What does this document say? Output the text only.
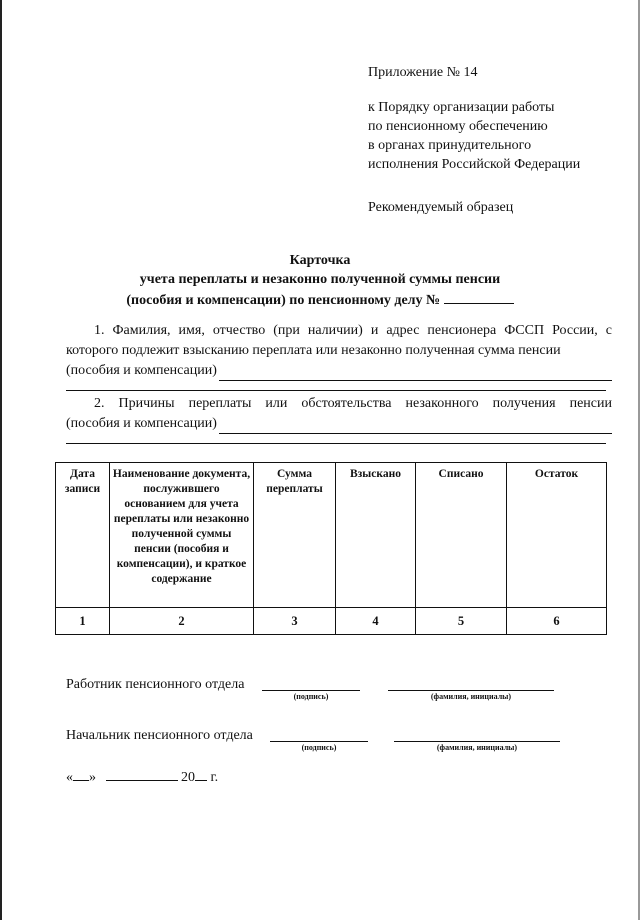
Приложение № 14
к Порядку организации работы
по пенсионному обеспечению
в органах принудительного
исполнения Российской Федерации
Рекомендуемый образец
Карточка
учета переплаты и незаконно полученной суммы пенсии
(пособия и компенсации) по пенсионному делу №

1. Фамилия, имя, отчество (при наличии) и адрес пенсионера ФССП России, с которого подлежит взысканию переплата или незаконно полученная сумма пенсии

(пособия и компенсации)

2. Причины переплаты или обстоятельства незаконного получения пенсии

(пособия и компенсации)
Дата записи	Наименование документа, послужившего основанием для учета переплаты или незаконно полученной суммы пенсии (пособия и компенсации), и краткое содержание	Сумма переплаты	Взыскано	Списано	Остаток
1	2	3	4	5	6
Работник пенсионного отдела
(подпись)	(фамилия, инициалы)
Начальник пенсионного отдела
(подпись)	(фамилия, инициалы)
« »	20 г.
